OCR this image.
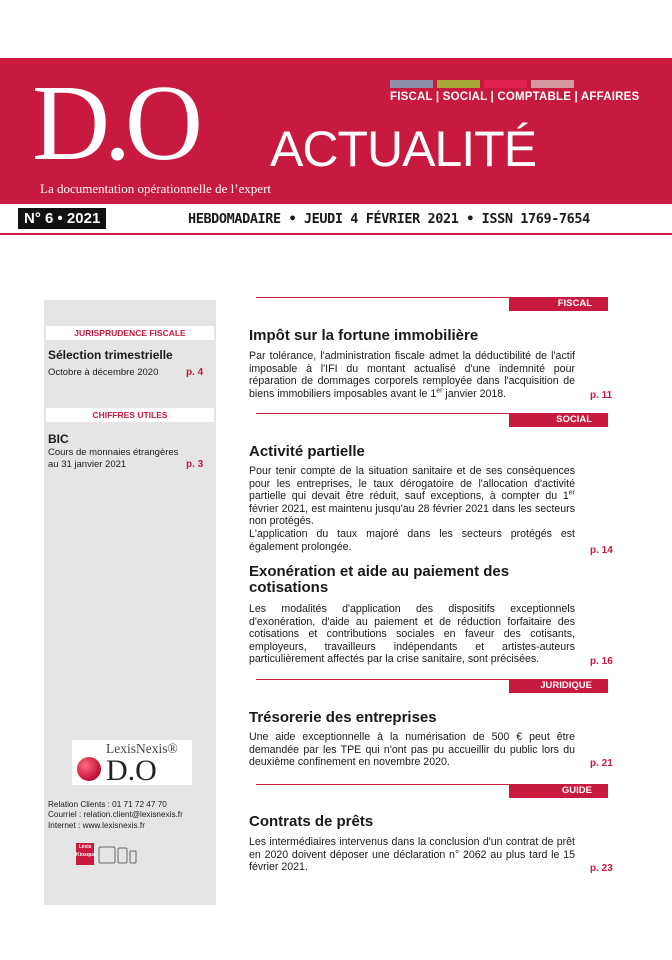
FISCAL | SOCIAL | COMPTABLE | AFFAIRES
D.O ACTUALITÉ
La documentation opérationnelle de l’expert
N° 6 • 2021	HEBDOMADAIRE • JEUDI 4 FÉVRIER 2021 • ISSN 1769-7654
JURISPRUDENCE FISCALE
Sélection trimestrielle
Octobre à décembre 2020	p. 4
CHIFFRES UTILES
BIC
Cours de monnaies étrangères
au 31 janvier 2021	p. 3
LexisNexis®
D.O
Relation Clients : 01 71 72 47 70
Courriel : relation.client@lexisnexis.fr
Internet : www.lexisnexis.fr
Lexis Kiosque
FISCAL
Impôt sur la fortune immobilière
Par tolérance, l'administration fiscale admet la déductibilité de l'actif imposable à l'IFI du montant actualisé d'une indemnité pour réparation de dommages corporels remployée dans l'acquisition de biens immobiliers imposables avant le 1er janvier 2018.	p. 11
SOCIAL
Activité partielle
Pour tenir compte de la situation sanitaire et de ses conséquences pour les entreprises, le taux dérogatoire de l'allocation d'activité partielle qui devait être réduit, sauf exceptions, à compter du 1er février 2021, est maintenu jusqu'au 28 février 2021 dans les secteurs non protégés.
L'application du taux majoré dans les secteurs protégés est également prolongée.	p. 14
Exonération et aide au paiement des
cotisations
Les modalités d'application des dispositifs exceptionnels d'exonération, d'aide au paiement et de réduction forfaitaire des cotisations et contributions sociales en faveur des cotisants, employeurs, travailleurs indépendants et artistes-auteurs particulièrement affectés par la crise sanitaire, sont précisées.	p. 16
JURIDIQUE
Trésorerie des entreprises
Une aide exceptionnelle à la numérisation de 500 € peut être demandée par les TPE qui n'ont pas pu accueillir du public lors du deuxième confinement en novembre 2020.	p. 21
GUIDE
Contrats de prêts
Les intermédiaires intervenus dans la conclusion d'un contrat de prêt en 2020 doivent déposer une déclaration n° 2062 au plus tard le 15 février 2021.	p. 23
